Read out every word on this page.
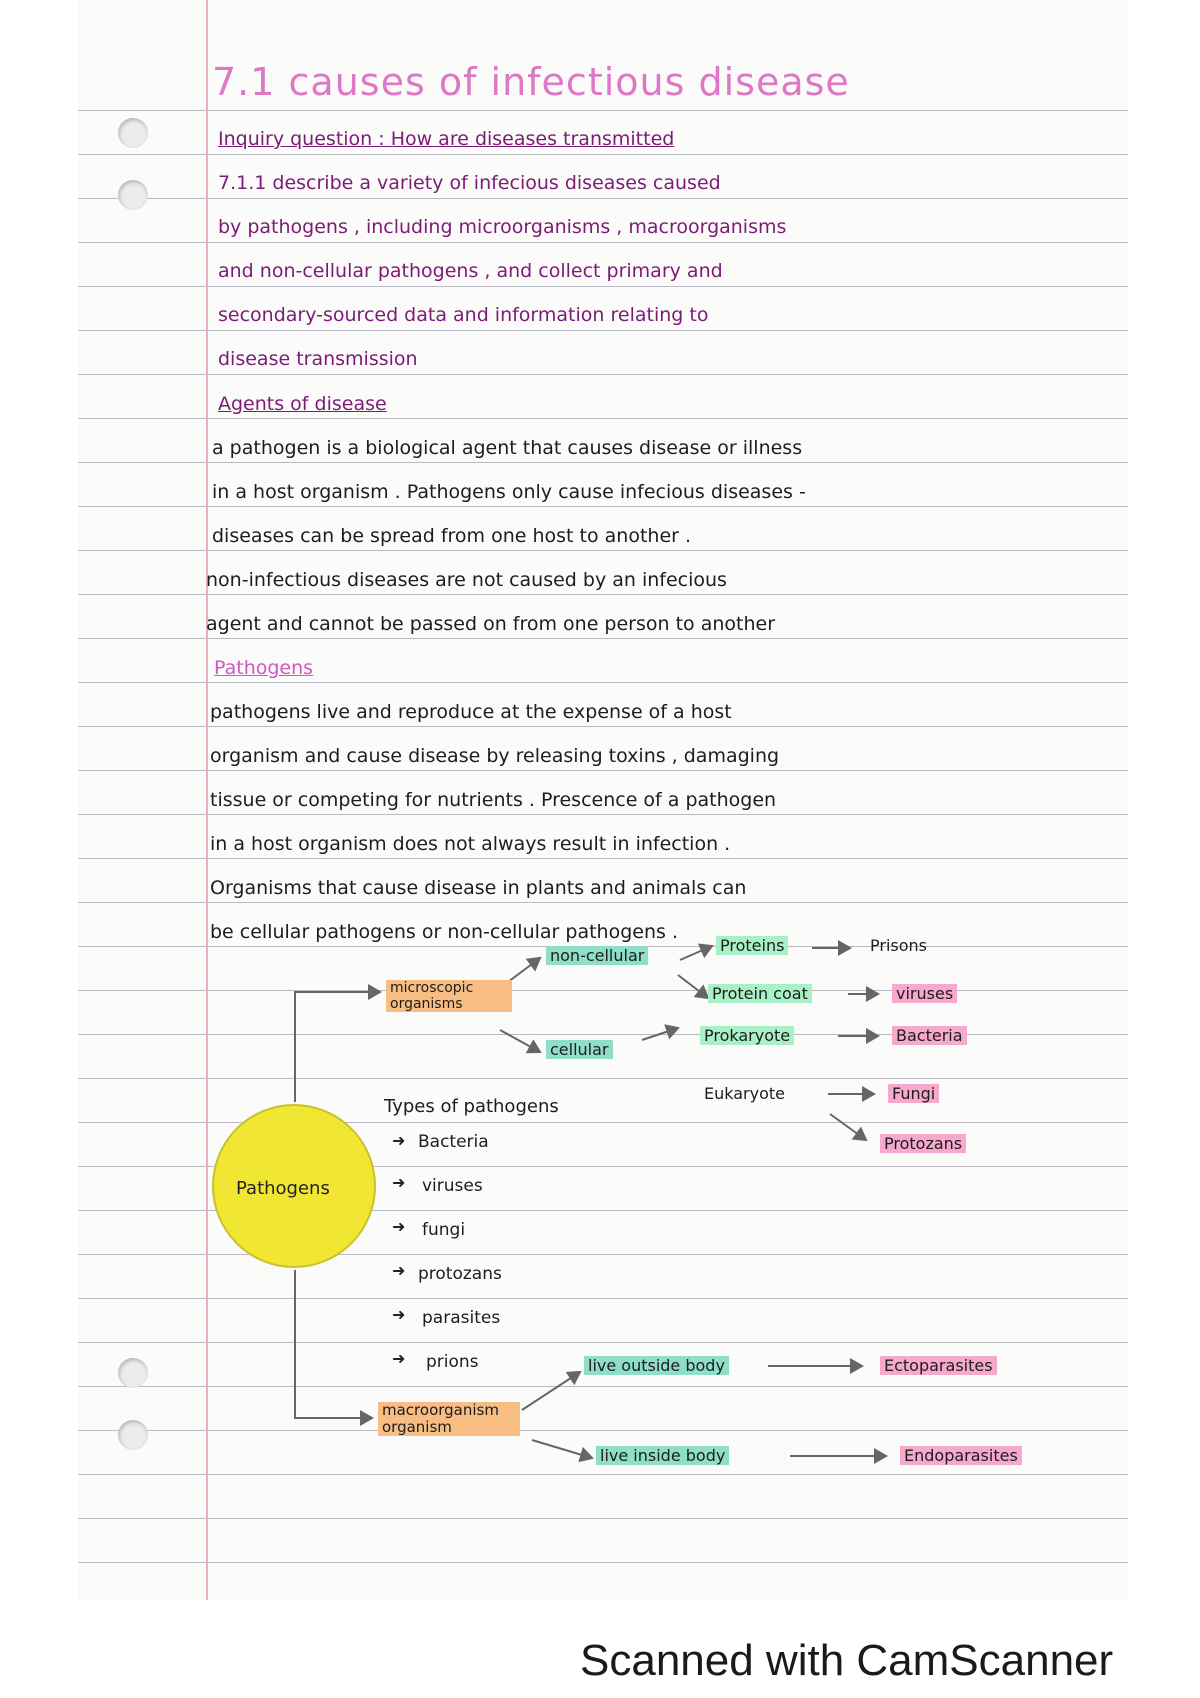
7.1 causes of infectious disease
Inquiry question : How are diseases transmitted
7.1.1 describe a variety of infecious diseases caused
by pathogens , including microorganisms , macroorganisms
and non-cellular pathogens , and collect primary and
secondary-sourced data and information relating to
disease transmission
Agents of disease
a pathogen is a biological agent that causes disease or illness
in a host organism . Pathogens only cause infecious diseases -
diseases can be spread from one host to another .
non-infectious diseases are not caused by an infecious
agent and cannot be passed on from one person to another
Pathogens
pathogens live and reproduce at the expense of a host
organism and cause disease by releasing toxins , damaging
tissue or competing for nutrients . Prescence of a pathogen
in a host organism does not always result in infection .
Organisms that cause disease in plants and animals can
be cellular pathogens or non-cellular pathogens .
➜
➜
➜
➜
➜
➜
Pathogens
microscopic organisms
non-cellular
cellular
Proteins	Prisons
Protein coat	viruses
Prokaryote	Bacteria
Eukaryote	Fungi
Protozans
Types of pathogens
Bacteria
viruses
fungi
protozans
parasites
prions
macroorganism organism
live outside body
live inside body
Ectoparasites
Endoparasites
Scanned with CamScanner
